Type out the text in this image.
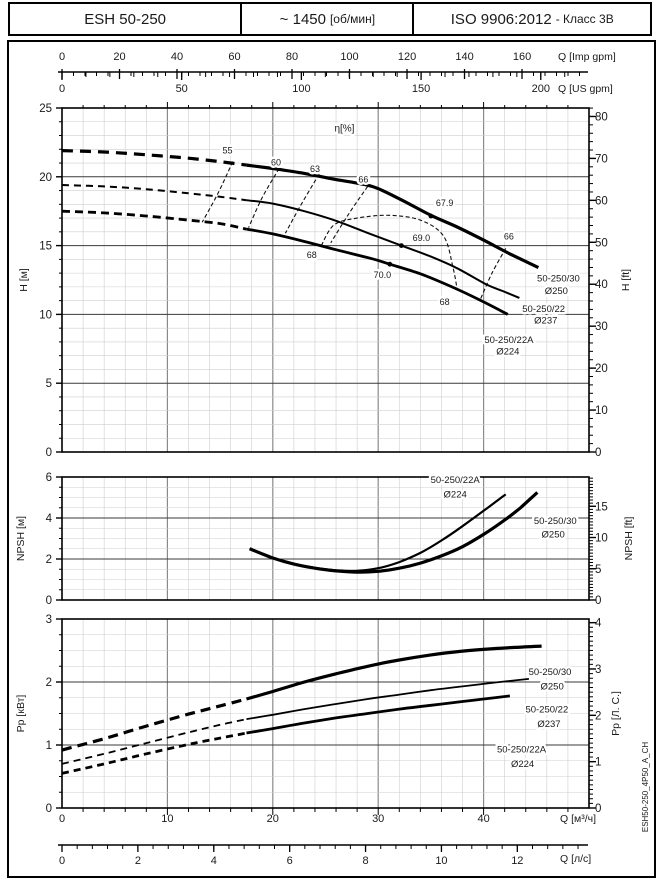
ESH 50-250	~ 1450 [об/мин]	ISO 9906:2012 - Класс 3В
0	20	40	60	80	100	120	140	160
0	50	100	150	200
Q [Imp gpm]
Q [US gpm]
0
5
10
15
20
25
0
10
20
30
40
50
60
70
80
H [м]	H [ft]
55
60
63
66
67.9
66
69.0
70.0
68
68
η[%]
50-250/30
Ø250
50-250/22
Ø237
50-250/22A
Ø224
0
2
4
6
0
5
10
15
NPSH [м]	NPSH [ft]
50-250/22A
Ø224
50-250/30
Ø250
0
1
2
3
0
1
2
3
4
0	10	20	30	40	Q [м³/ч]
Pр [кВт]	Pр [Л. С.]
50-250/30
Ø250
50-250/22
Ø237
50-250/22A
Ø224
0	2	4	6	8	10	12	Q [л/с]
ESH50-250_4P50_A_CH
